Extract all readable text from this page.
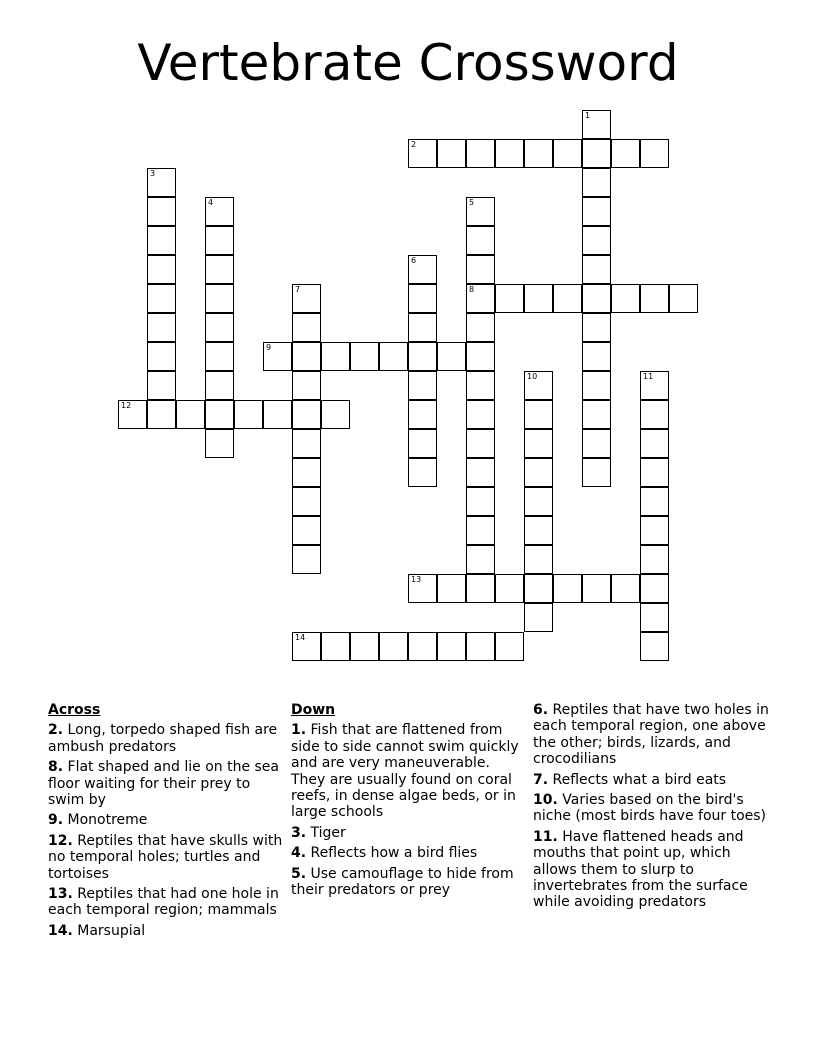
Vertebrate Crossword
1
2
3
4	5
8
6
7
9
10	11
12
13
14
Across
2. Long, torpedo shaped fish are ambush predators
8. Flat shaped and lie on the sea floor waiting for their prey to swim by
9. Monotreme
12. Reptiles that have skulls with no temporal holes; turtles and tortoises
13. Reptiles that had one hole in each temporal region; mammals
14. Marsupial
Down
1. Fish that are flattened from side to side cannot swim quickly and are very maneuverable. They are usually found on coral reefs, in dense algae beds, or in large schools
3. Tiger
4. Reflects how a bird flies
5. Use camouflage to hide from their predators or prey
6. Reptiles that have two holes in each temporal region, one above the other; birds, lizards, and crocodilians
7. Reflects what a bird eats
10. Varies based on the bird's niche (most birds have four toes)
11. Have flattened heads and mouths that point up, which allows them to slurp to invertebrates from the surface while avoiding predators
